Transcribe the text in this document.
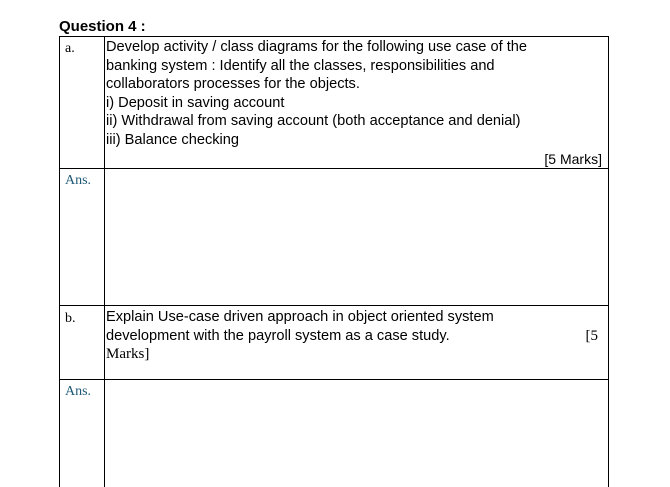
Question 4 :
a. Develop activity / class diagrams for the following use case of the
banking system : Identify all the classes, responsibilities and
collaborators processes for the objects.
i) Deposit in saving account
ii) Withdrawal from saving account (both acceptance and denial)
iii) Balance checking
[5 Marks]
Ans.
b. Explain Use-case driven approach in object oriented system
development with the payroll system as a case study.	[5
Marks]
Ans.
